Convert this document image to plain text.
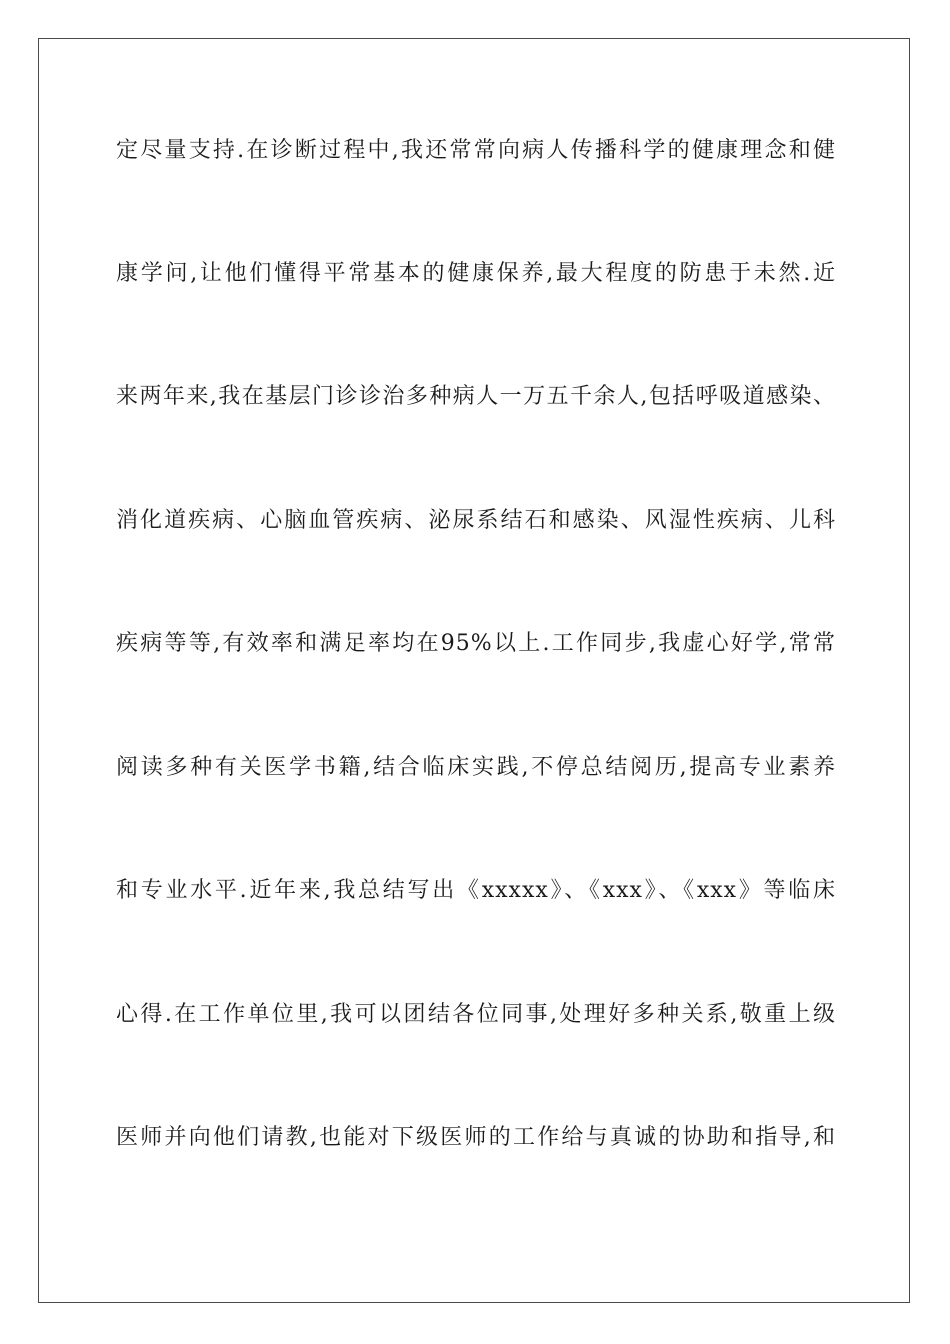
定尽量支持.在诊断过程中,我还常常向病人传播科学的健康理念和健
康学问,让他们懂得平常基本的健康保养,最大程度的防患于未然.近
来两年来,我在基层门诊诊治多种病人一万五千余人,包括呼吸道感染、
消化道疾病、心脑血管疾病、泌尿系结石和感染、风湿性疾病、儿科
疾病等等,有效率和满足率均在95%以上.工作同步,我虚心好学,常常
阅读多种有关医学书籍,结合临床实践,不停总结阅历,提高专业素养
和专业水平.近年来,我总结写出《xxxxx》、《xxx》、《xxx》等临床
心得.在工作单位里,我可以团结各位同事,处理好多种关系,敬重上级
医师并向他们请教,也能对下级医师的工作给与真诚的协助和指导,和
